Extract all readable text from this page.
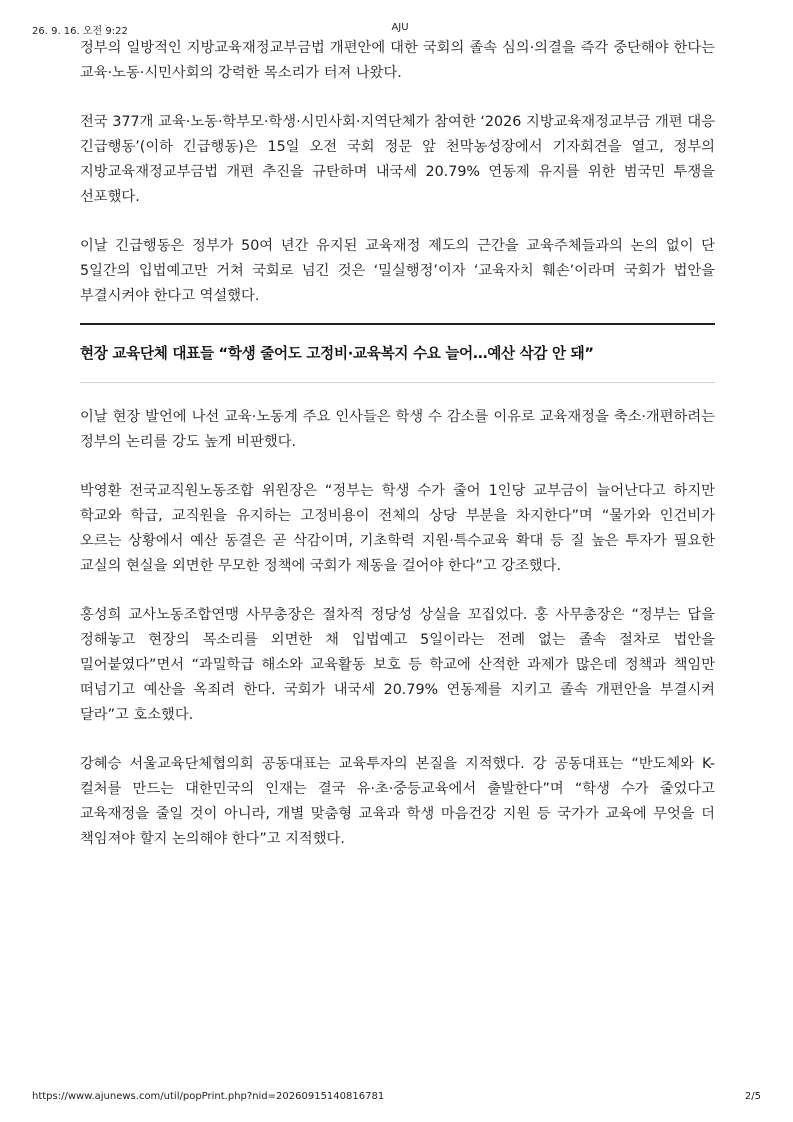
26. 9. 16. 오전 9:22	AJU

정부의 일방적인 지방교육재정교부금법 개편안에 대한 국회의 졸속 심의·의결을 즉각 중단해야 한다는 교육·노동·시민사회의 강력한 목소리가 터져 나왔다.

전국 377개 교육·노동·학부모·학생·시민사회·지역단체가 참여한 ‘2026 지방교육재정교부금 개편 대응 긴급행동’(이하 긴급행동)은 15일 오전 국회 정문 앞 천막농성장에서 기자회견을 열고, 정부의 지방교육재정교부금법 개편 추진을 규탄하며 내국세 20.79% 연동제 유지를 위한 범국민 투쟁을 선포했다.

이날 긴급행동은 정부가 50여 년간 유지된 교육재정 제도의 근간을 교육주체들과의 논의 없이 단 5일간의 입법예고만 거쳐 국회로 넘긴 것은 ‘밀실행정’이자 ‘교육자치 훼손’이라며 국회가 법안을 부결시켜야 한다고 역설했다.

현장 교육단체 대표들 “학생 줄어도 고정비·교육복지 수요 늘어…예산 삭감 안 돼”

이날 현장 발언에 나선 교육·노동계 주요 인사들은 학생 수 감소를 이유로 교육재정을 축소·개편하려는 정부의 논리를 강도 높게 비판했다.

박영환 전국교직원노동조합 위원장은 “정부는 학생 수가 줄어 1인당 교부금이 늘어난다고 하지만 학교와 학급, 교직원을 유지하는 고정비용이 전체의 상당 부분을 차지한다”며 “물가와 인건비가 오르는 상황에서 예산 동결은 곧 삭감이며, 기초학력 지원·특수교육 확대 등 질 높은 투자가 필요한 교실의 현실을 외면한 무모한 정책에 국회가 제동을 걸어야 한다”고 강조했다.

홍성희 교사노동조합연맹 사무총장은 절차적 정당성 상실을 꼬집었다. 홍 사무총장은 “정부는 답을 정해놓고 현장의 목소리를 외면한 채 입법예고 5일이라는 전례 없는 졸속 절차로 법안을 밀어붙였다”면서 “과밀학급 해소와 교육활동 보호 등 학교에 산적한 과제가 많은데 정책과 책임만 떠넘기고 예산을 옥죄려 한다. 국회가 내국세 20.79% 연동제를 지키고 졸속 개편안을 부결시켜 달라”고 호소했다.

강혜승 서울교육단체협의회 공동대표는 교육투자의 본질을 지적했다. 강 공동대표는 “반도체와 K-컬처를 만드는 대한민국의 인재는 결국 유·초·중등교육에서 출발한다”며 “학생 수가 줄었다고 교육재정을 줄일 것이 아니라, 개별 맞춤형 교육과 학생 마음건강 지원 등 국가가 교육에 무엇을 더 책임져야 할지 논의해야 한다”고 지적했다.

https://www.ajunews.com/util/popPrint.php?nid=20260915140816781	2/5
